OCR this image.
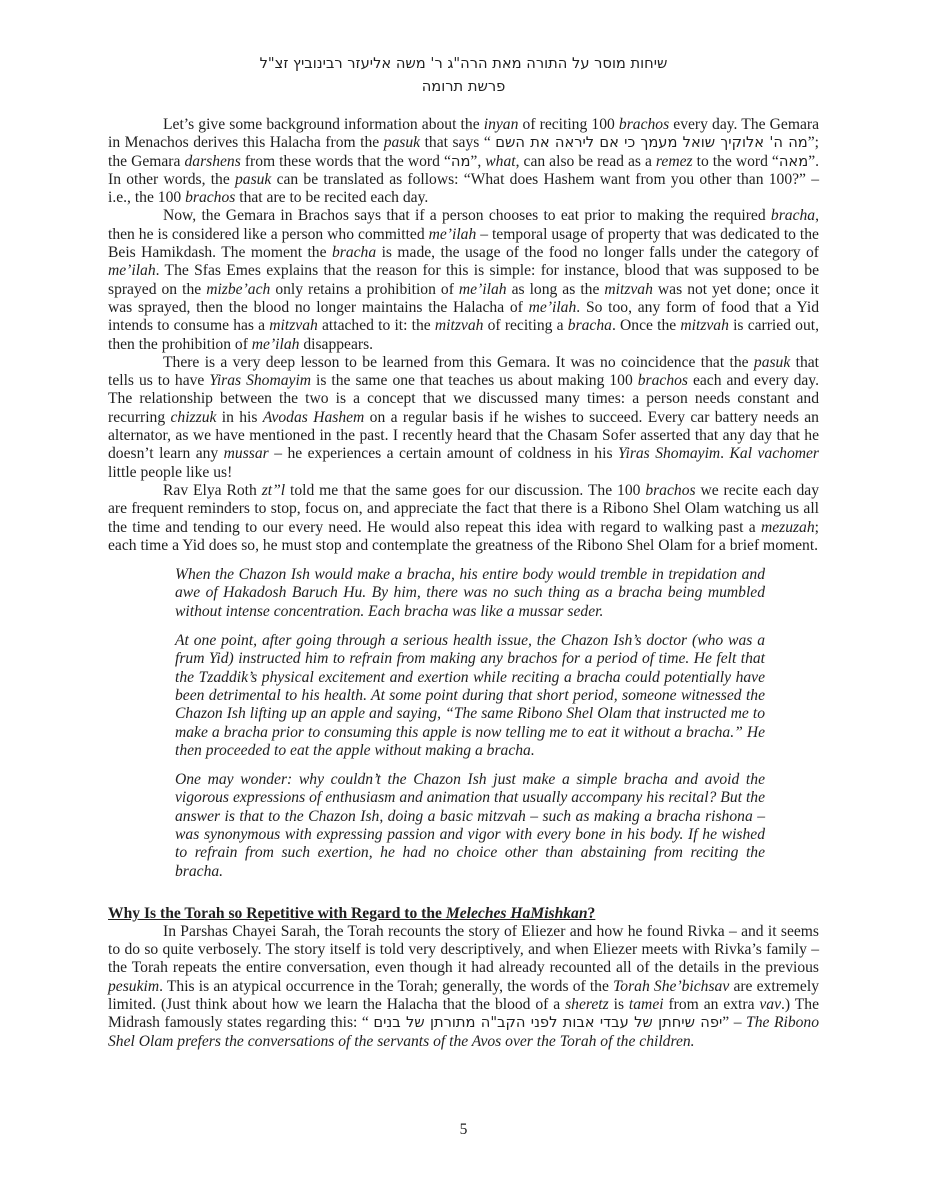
שיחות מוסר על התורה מאת הרה"ג ר' משה אליעזר רבינוביץ זצ"ל
פרשת תרומה

Let’s give some background information about the inyan of reciting 100 brachos every day. The Gemara in Menachos derives this Halacha from the pasuk that says “ מה ה' אלוקיך שואל מעמך כי אם ליראה את השם”; the Gemara darshens from these words that the word “מה”, what, can also be read as a remez to the word “מאה”. In other words, the pasuk can be translated as follows: “What does Hashem want from you other than 100?” – i.e., the 100 brachos that are to be recited each day.

Now, the Gemara in Brachos says that if a person chooses to eat prior to making the required bracha, then he is considered like a person who committed me’ilah – temporal usage of property that was dedicated to the Beis Hamikdash. The moment the bracha is made, the usage of the food no longer falls under the category of me’ilah. The Sfas Emes explains that the reason for this is simple: for instance, blood that was supposed to be sprayed on the mizbe’ach only retains a prohibition of me’ilah as long as the mitzvah was not yet done; once it was sprayed, then the blood no longer maintains the Halacha of me’ilah. So too, any form of food that a Yid intends to consume has a mitzvah attached to it: the mitzvah of reciting a bracha. Once the mitzvah is carried out, then the prohibition of me’ilah disappears.

There is a very deep lesson to be learned from this Gemara. It was no coincidence that the pasuk that tells us to have Yiras Shomayim is the same one that teaches us about making 100 brachos each and every day. The relationship between the two is a concept that we discussed many times: a person needs constant and recurring chizzuk in his Avodas Hashem on a regular basis if he wishes to succeed. Every car battery needs an alternator, as we have mentioned in the past. I recently heard that the Chasam Sofer asserted that any day that he doesn’t learn any mussar – he experiences a certain amount of coldness in his Yiras Shomayim. Kal vachomer little people like us!

Rav Elya Roth zt”l told me that the same goes for our discussion. The 100 brachos we recite each day are frequent reminders to stop, focus on, and appreciate the fact that there is a Ribono Shel Olam watching us all the time and tending to our every need. He would also repeat this idea with regard to walking past a mezuzah; each time a Yid does so, he must stop and contemplate the greatness of the Ribono Shel Olam for a brief moment.

When the Chazon Ish would make a bracha, his entire body would tremble in trepidation and awe of Hakadosh Baruch Hu. By him, there was no such thing as a bracha being mumbled without intense concentration. Each bracha was like a mussar seder.

At one point, after going through a serious health issue, the Chazon Ish’s doctor (who was a frum Yid) instructed him to refrain from making any brachos for a period of time. He felt that the Tzaddik’s physical excitement and exertion while reciting a bracha could potentially have been detrimental to his health. At some point during that short period, someone witnessed the Chazon Ish lifting up an apple and saying, “The same Ribono Shel Olam that instructed me to make a bracha prior to consuming this apple is now telling me to eat it without a bracha.” He then proceeded to eat the apple without making a bracha.

One may wonder: why couldn’t the Chazon Ish just make a simple bracha and avoid the vigorous expressions of enthusiasm and animation that usually accompany his recital? But the answer is that to the Chazon Ish, doing a basic mitzvah – such as making a bracha rishona – was synonymous with expressing passion and vigor with every bone in his body. If he wished to refrain from such exertion, he had no choice other than abstaining from reciting the bracha.

Why Is the Torah so Repetitive with Regard to the Meleches HaMishkan?

In Parshas Chayei Sarah, the Torah recounts the story of Eliezer and how he found Rivka – and it seems to do so quite verbosely. The story itself is told very descriptively, and when Eliezer meets with Rivka’s family – the Torah repeats the entire conversation, even though it had already recounted all of the details in the previous pesukim. This is an atypical occurrence in the Torah; generally, the words of the Torah She’bichsav are extremely limited. (Just think about how we learn the Halacha that the blood of a sheretz is tamei from an extra vav.) The Midrash famously states regarding this: “ יפה שיחתן של עבדי אבות לפני הקב"ה מתורתן של בנים” – The Ribono Shel Olam prefers the conversations of the servants of the Avos over the Torah of the children.

5
